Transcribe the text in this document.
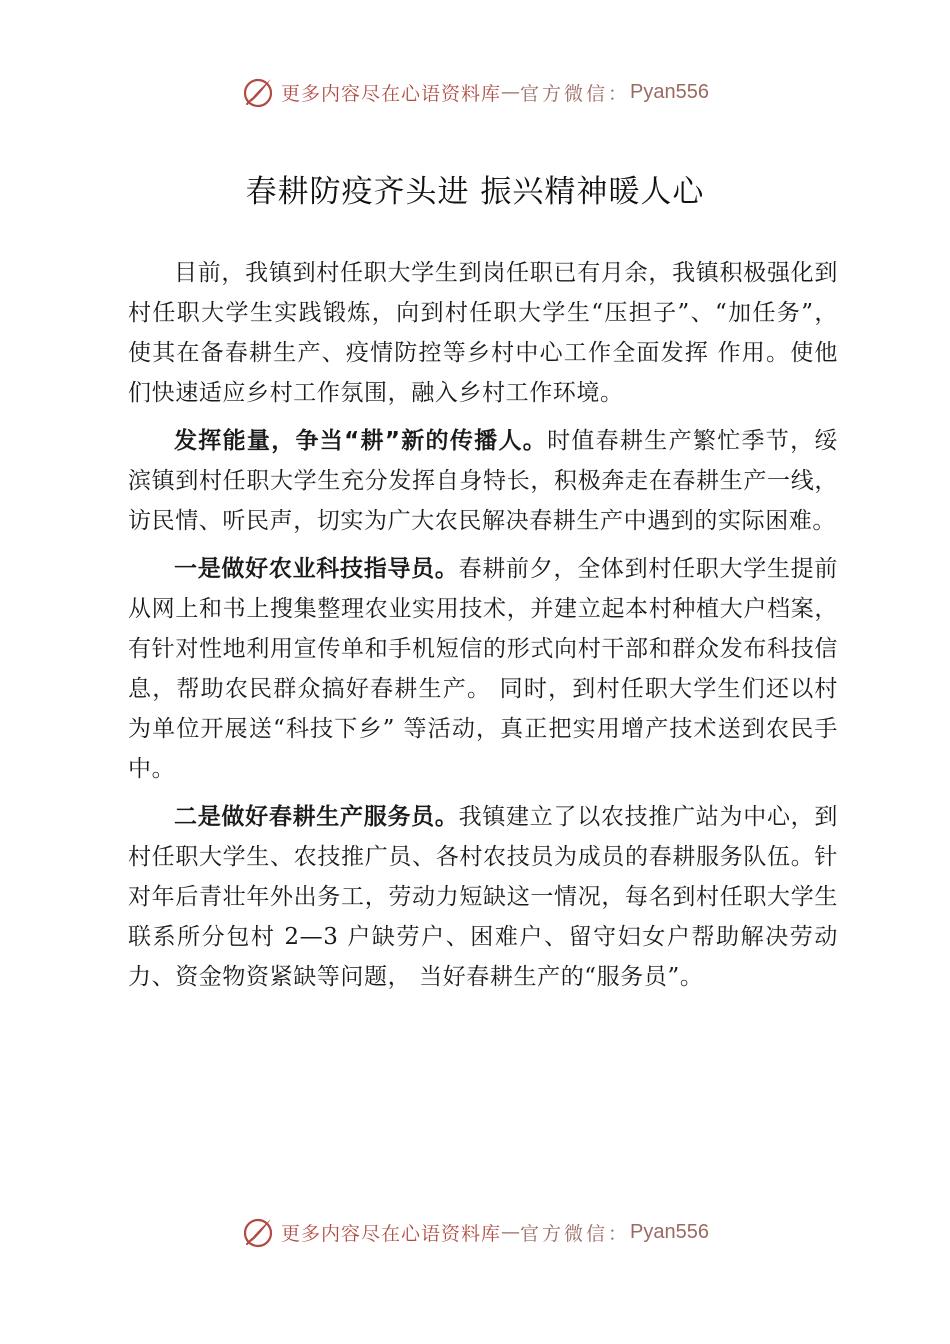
更多内容尽在心语资料库 — 官方微信： Pyan556
春耕防疫齐头进 振兴精神暖人心

目前，我镇到村任职大学生到岗任职已有月余，我镇积极强化到村任职大学生实践锻炼，向到村任职大学生“压担子”、“加任务”，使其在备春耕生产、疫情防控等乡村中心工作全面发挥 作用。使他们快速适应乡村工作氛围，融入乡村工作环境。

发挥能量，争当“耕”新的传播人。时值春耕生产繁忙季节，绥滨镇到村任职大学生充分发挥自身特长，积极奔走在春耕生产一线，访民情、听民声，切实为广大农民解决春耕生产中遇到的实际困难。

一是做好农业科技指导员。春耕前夕，全体到村任职大学生提前从网上和书上搜集整理农业实用技术，并建立起本村种植大户档案，有针对性地利用宣传单和手机短信的形式向村干部和群众发布科技信息，帮助农民群众搞好春耕生产。 同时，到村任职大学生们还以村为单位开展送“科技下乡” 等活动，真正把实用增产技术送到农民手中。

二是做好春耕生产服务员。我镇建立了以农技推广站为中心，到村任职大学生、农技推广员、各村农技员为成员的春耕服务队伍。针对年后青壮年外出务工，劳动力短缺这一情况，每名到村任职大学生联系所分包村 2—3 户缺劳户、困难户、留守妇女户帮助解决劳动力、资金物资紧缺等问题， 当好春耕生产的“服务员”。

更多内容尽在心语资料库 — 官方微信： Pyan556
